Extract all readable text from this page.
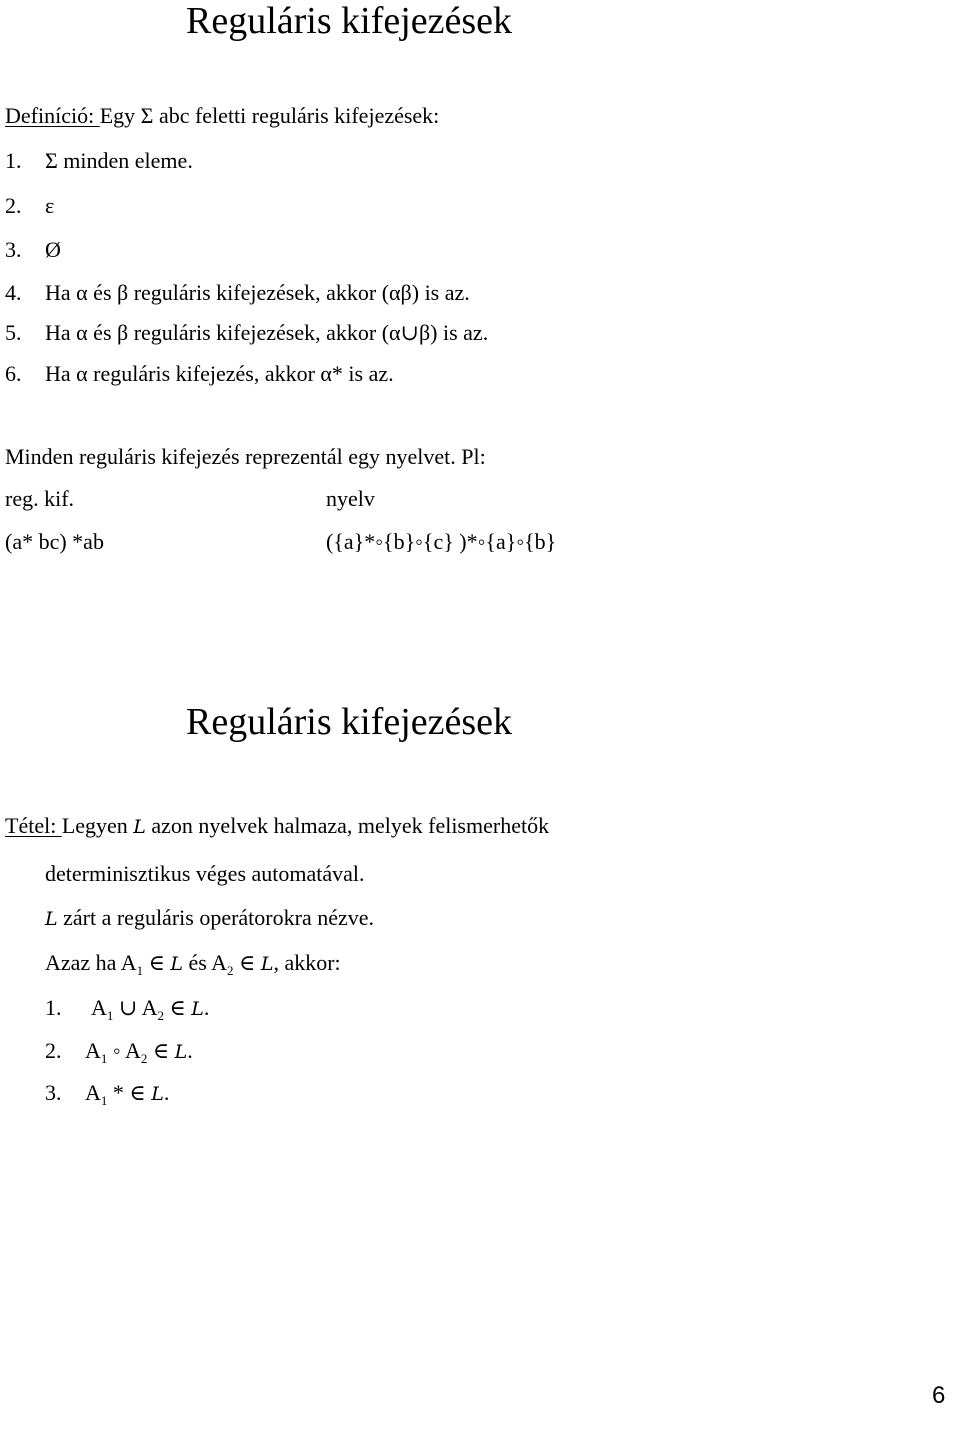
Reguláris kifejezések
Definíció: Egy Σ abc feletti reguláris kifejezések:
1. Σ minden eleme.
2. ε
3. Ø
4. Ha α és β reguláris kifejezések, akkor (αβ) is az.
5. Ha α és β reguláris kifejezések, akkor (α∪β) is az.
6. Ha α reguláris kifejezés, akkor α* is az.
Minden reguláris kifejezés reprezentál egy nyelvet. Pl:
reg. kif.	nyelv
(a* bc) *ab	({a}*◦{b}◦{c} )*◦{a}◦{b}
Reguláris kifejezések
Tétel: Legyen L azon nyelvek halmaza, melyek felismerhetők
determinisztikus véges automatával.
L zárt a reguláris operátorokra nézve.
Azaz ha $A_1$ ∈ L és $A_2$ ∈ L, akkor:
1. $A_1$ ∪ $A_2$ ∈ L.
2. $A_1$ ◦ $A_2$ ∈ L.
3. $A_1$ * ∈ L.
6
